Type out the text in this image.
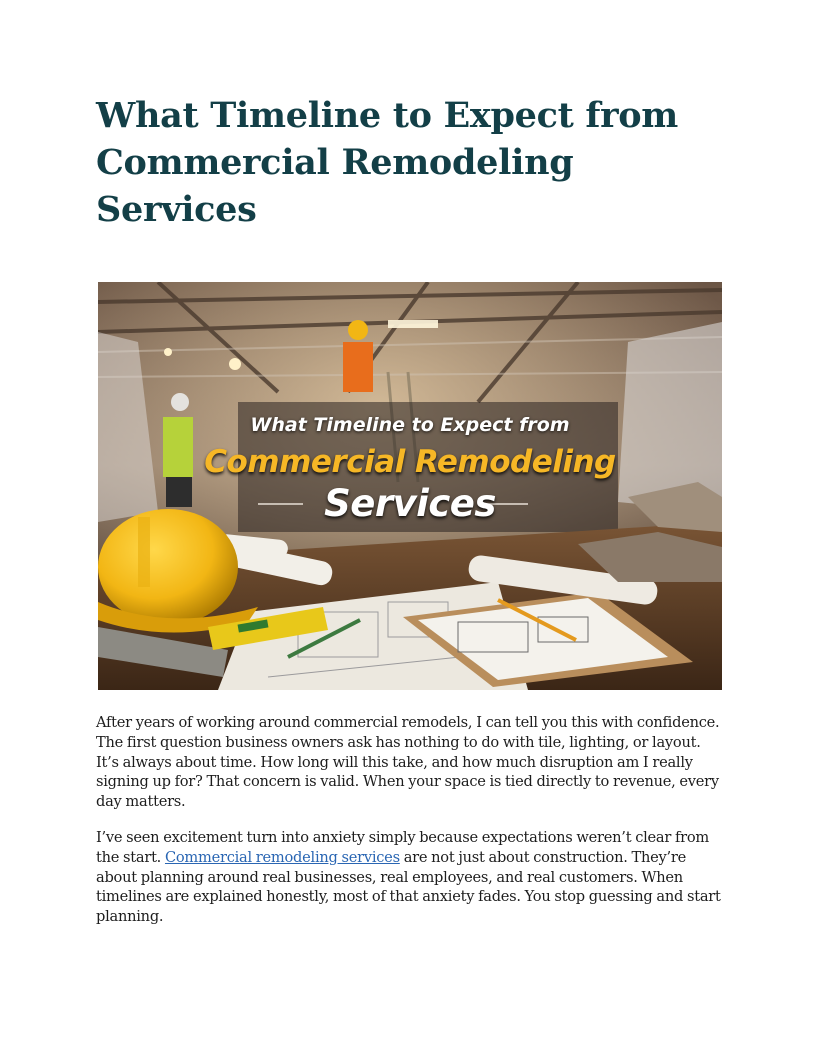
What Timeline to Expect from Commercial Remodeling Services
What Timeline to Expect from
Commercial Remodeling
Services

After years of working around commercial remodels, I can tell you this with confidence. The first question business owners ask has nothing to do with tile, lighting, or layout. It’s always about time. How long will this take, and how much disruption am I really signing up for? That concern is valid. When your space is tied directly to revenue, every day matters.

I’ve seen excitement turn into anxiety simply because expectations weren’t clear from the start. Commercial remodeling services are not just about construction. They’re about planning around real businesses, real employees, and real customers. When timelines are explained honestly, most of that anxiety fades. You stop guessing and start planning.
